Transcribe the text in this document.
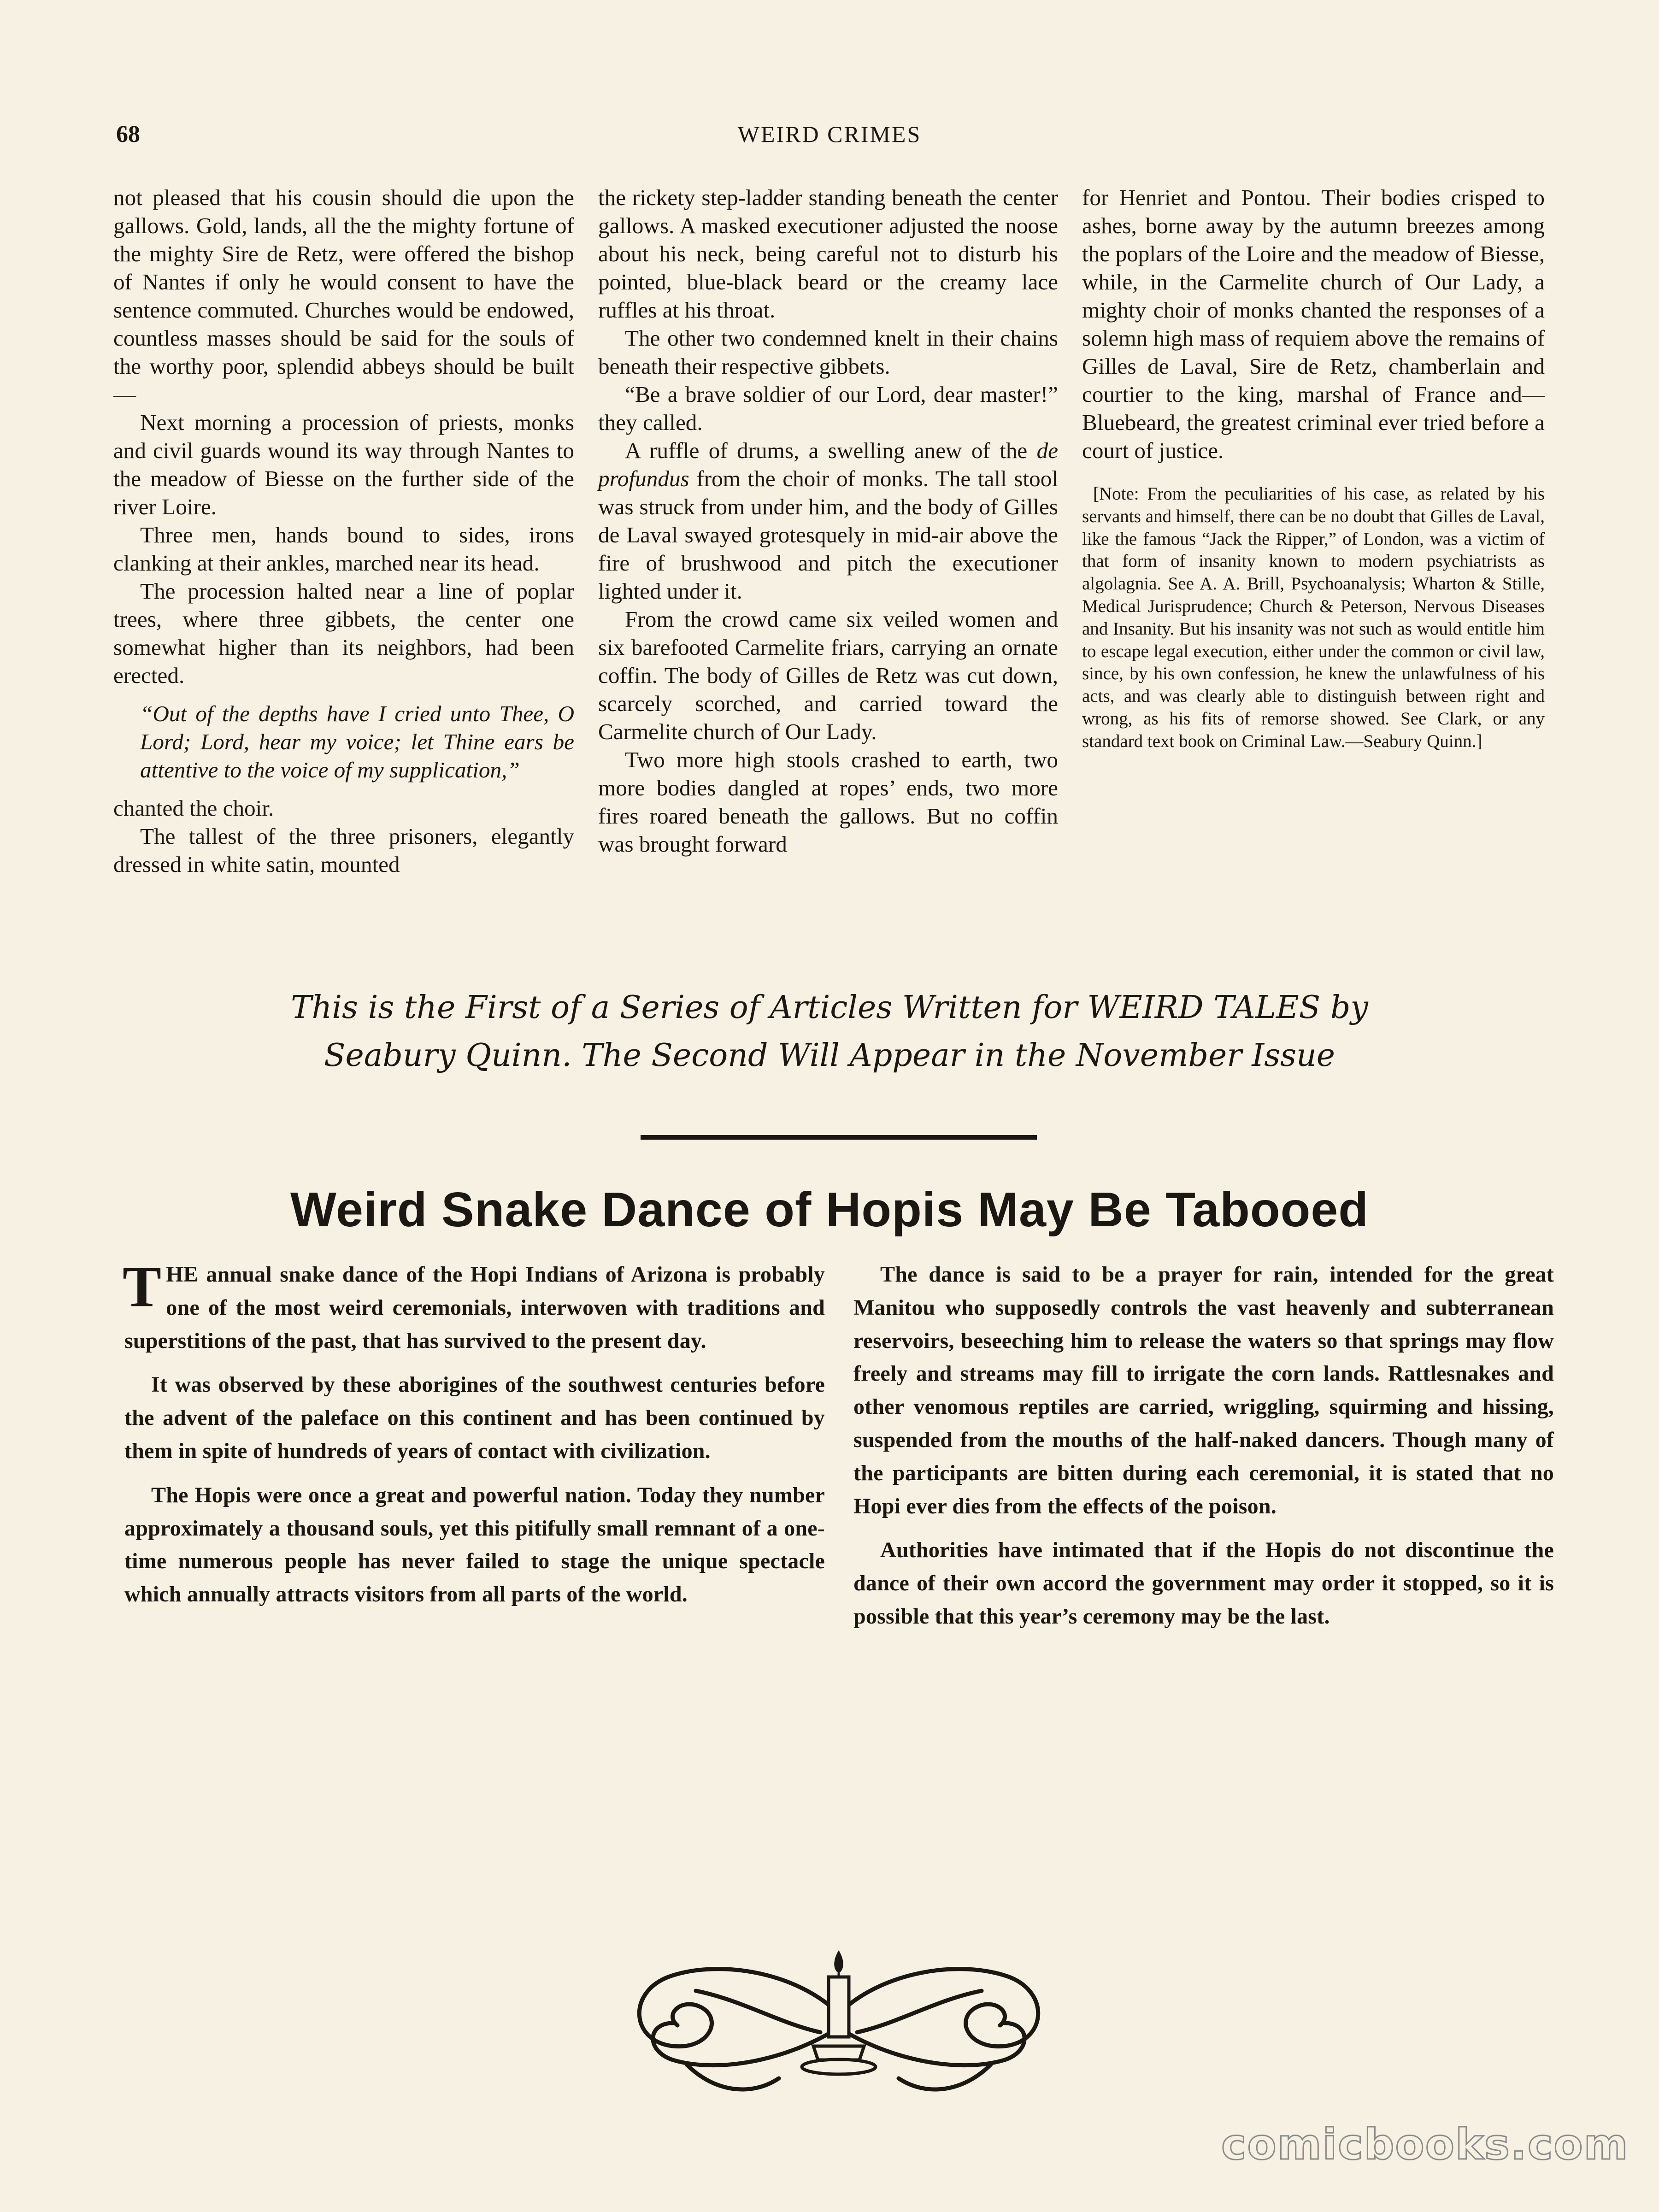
68	WEIRD CRIMES

not pleased that his cousin should die upon the gallows. Gold, lands, all the the mighty fortune of the mighty Sire de Retz, were offered the bishop of Nantes if only he would consent to have the sentence commuted. Churches would be endowed, countless masses should be said for the souls of the worthy poor, splendid abbeys should be built—

Next morning a procession of priests, monks and civil guards wound its way through Nantes to the meadow of Biesse on the further side of the river Loire.

Three men, hands bound to sides, irons clanking at their ankles, marched near its head.

The procession halted near a line of poplar trees, where three gibbets, the center one somewhat higher than its neighbors, had been erected.

“Out of the depths have I cried unto Thee, O Lord; Lord, hear my voice; let Thine ears be attentive to the voice of my supplication,”

chanted the choir.

The tallest of the three prisoners, elegantly dressed in white satin, mounted

the rickety step-ladder standing beneath the center gallows. A masked executioner adjusted the noose about his neck, being careful not to disturb his pointed, blue-black beard or the creamy lace ruffles at his throat.

The other two condemned knelt in their chains beneath their respective gibbets.

“Be a brave soldier of our Lord, dear master!” they called.

A ruffle of drums, a swelling anew of the de profundus from the choir of monks. The tall stool was struck from under him, and the body of Gilles de Laval swayed grotesquely in mid-air above the fire of brushwood and pitch the executioner lighted under it.

From the crowd came six veiled women and six barefooted Carmelite friars, carrying an ornate coffin. The body of Gilles de Retz was cut down, scarcely scorched, and carried toward the Carmelite church of Our Lady.

Two more high stools crashed to earth, two more bodies dangled at ropes’ ends, two more fires roared beneath the gallows. But no coffin was brought forward

for Henriet and Pontou. Their bodies crisped to ashes, borne away by the autumn breezes among the poplars of the Loire and the meadow of Biesse, while, in the Carmelite church of Our Lady, a mighty choir of monks chanted the responses of a solemn high mass of requiem above the remains of Gilles de Laval, Sire de Retz, chamberlain and courtier to the king, marshal of France and—Bluebeard, the greatest criminal ever tried before a court of justice.

[Note: From the peculiarities of his case, as related by his servants and himself, there can be no doubt that Gilles de Laval, like the famous “Jack the Ripper,” of London, was a victim of that form of insanity known to modern psychiatrists as algolagnia. See A. A. Brill, Psychoanalysis; Wharton & Stille, Medical Jurisprudence; Church & Peterson, Nervous Diseases and Insanity. But his insanity was not such as would entitle him to escape legal execution, either under the common or civil law, since, by his own confession, he knew the unlawfulness of his acts, and was clearly able to distinguish between right and wrong, as his fits of remorse showed. See Clark, or any standard text book on Criminal Law.—Seabury Quinn.]

This is the First of a Series of Articles Written for WEIRD TALES by
Seabury Quinn. The Second Will Appear in the November Issue
Weird Snake Dance of Hopis May Be Tabooed

THE annual snake dance of the Hopi Indians of Arizona is probably one of the most weird ceremonials, interwoven with traditions and superstitions of the past, that has survived to the present day.

It was observed by these aborigines of the southwest centuries before the advent of the paleface on this continent and has been continued by them in spite of hundreds of years of contact with civilization.

The Hopis were once a great and powerful nation. Today they number approximately a thousand souls, yet this pitifully small remnant of a one-time numerous people has never failed to stage the unique spectacle which annually attracts visitors from all parts of the world.

The dance is said to be a prayer for rain, intended for the great Manitou who supposedly controls the vast heavenly and subterranean reservoirs, beseeching him to release the waters so that springs may flow freely and streams may fill to irrigate the corn lands. Rattlesnakes and other venomous reptiles are carried, wriggling, squirming and hissing, suspended from the mouths of the half-naked dancers. Though many of the participants are bitten during each ceremonial, it is stated that no Hopi ever dies from the effects of the poison.

Authorities have intimated that if the Hopis do not discontinue the dance of their own accord the government may order it stopped, so it is possible that this year’s ceremony may be the last.

comicbooks.com
